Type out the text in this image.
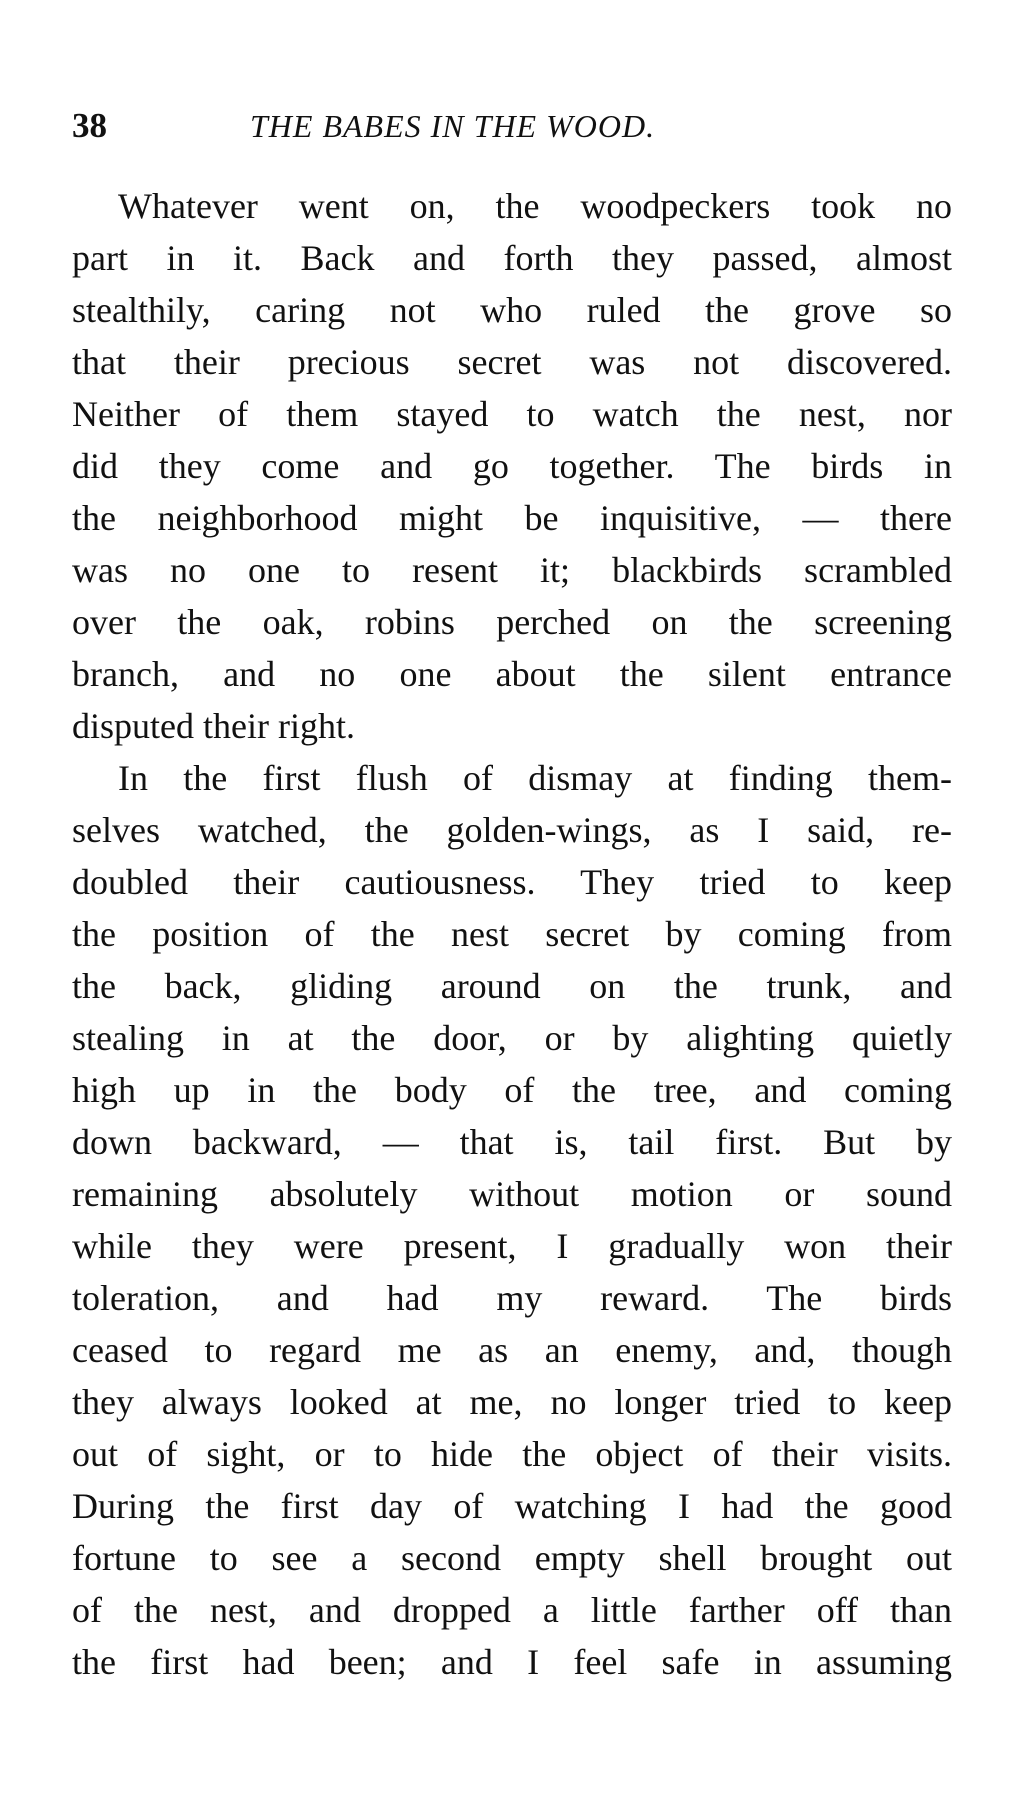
38	THE BABES IN THE WOOD.
Whatever went on, the woodpeckers took no
part in it. Back and forth they passed, almost
stealthily, caring not who ruled the grove so
that their precious secret was not discovered.
Neither of them stayed to watch the nest, nor
did they come and go together. The birds in
the neighborhood might be inquisitive, — there
was no one to resent it; blackbirds scrambled
over the oak, robins perched on the screening
branch, and no one about the silent entrance
disputed their right.
In the first flush of dismay at finding them-
selves watched, the golden-wings, as I said, re-
doubled their cautiousness. They tried to keep
the position of the nest secret by coming from
the back, gliding around on the trunk, and
stealing in at the door, or by alighting quietly
high up in the body of the tree, and coming
down backward, — that is, tail first. But by
remaining absolutely without motion or sound
while they were present, I gradually won their
toleration, and had my reward. The birds
ceased to regard me as an enemy, and, though
they always looked at me, no longer tried to keep
out of sight, or to hide the object of their visits.
During the first day of watching I had the good
fortune to see a second empty shell brought out
of the nest, and dropped a little farther off than
the first had been; and I feel safe in assuming
